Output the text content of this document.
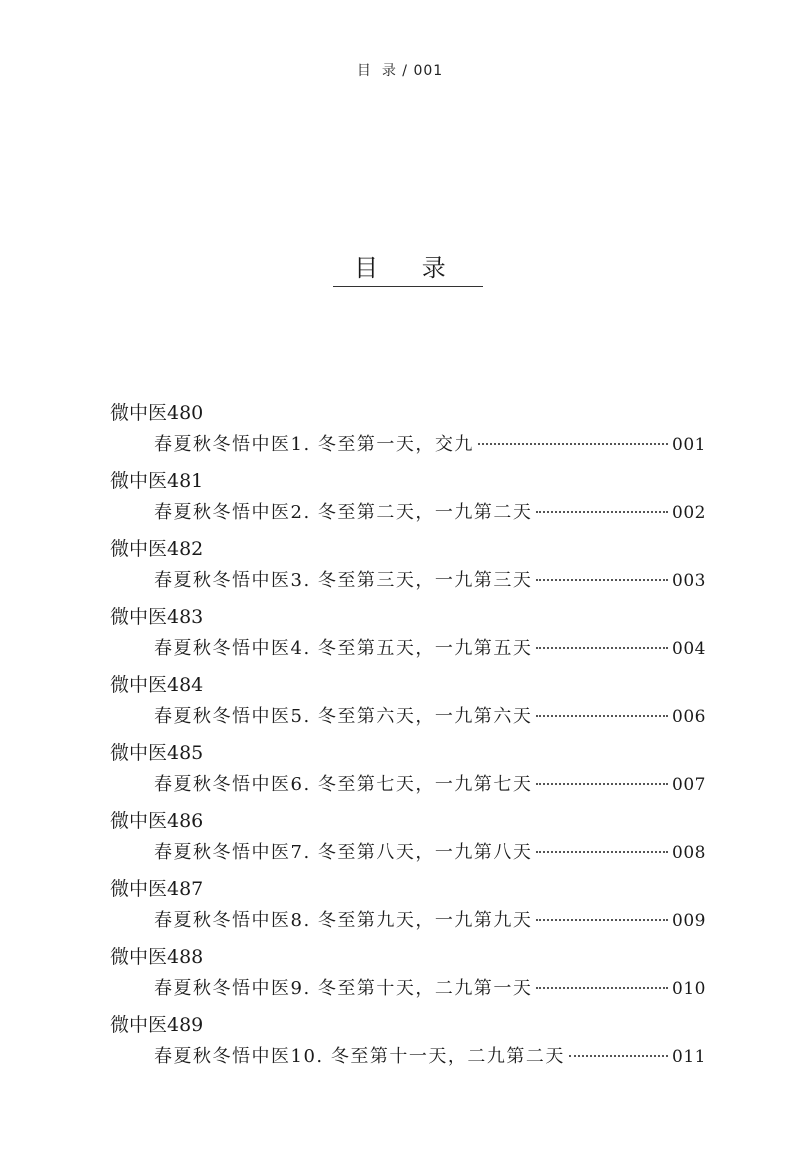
目 录 / 001
目 录
微中医480
春夏秋冬悟中医1. 冬至第一天，交九	001
微中医481
春夏秋冬悟中医2. 冬至第二天，一九第二天	002
微中医482
春夏秋冬悟中医3. 冬至第三天，一九第三天	003
微中医483
春夏秋冬悟中医4. 冬至第五天，一九第五天	004
微中医484
春夏秋冬悟中医5. 冬至第六天，一九第六天	006
微中医485
春夏秋冬悟中医6. 冬至第七天，一九第七天	007
微中医486
春夏秋冬悟中医7. 冬至第八天，一九第八天	008
微中医487
春夏秋冬悟中医8. 冬至第九天，一九第九天	009
微中医488
春夏秋冬悟中医9. 冬至第十天，二九第一天	010
微中医489
春夏秋冬悟中医10. 冬至第十一天，二九第二天	011
